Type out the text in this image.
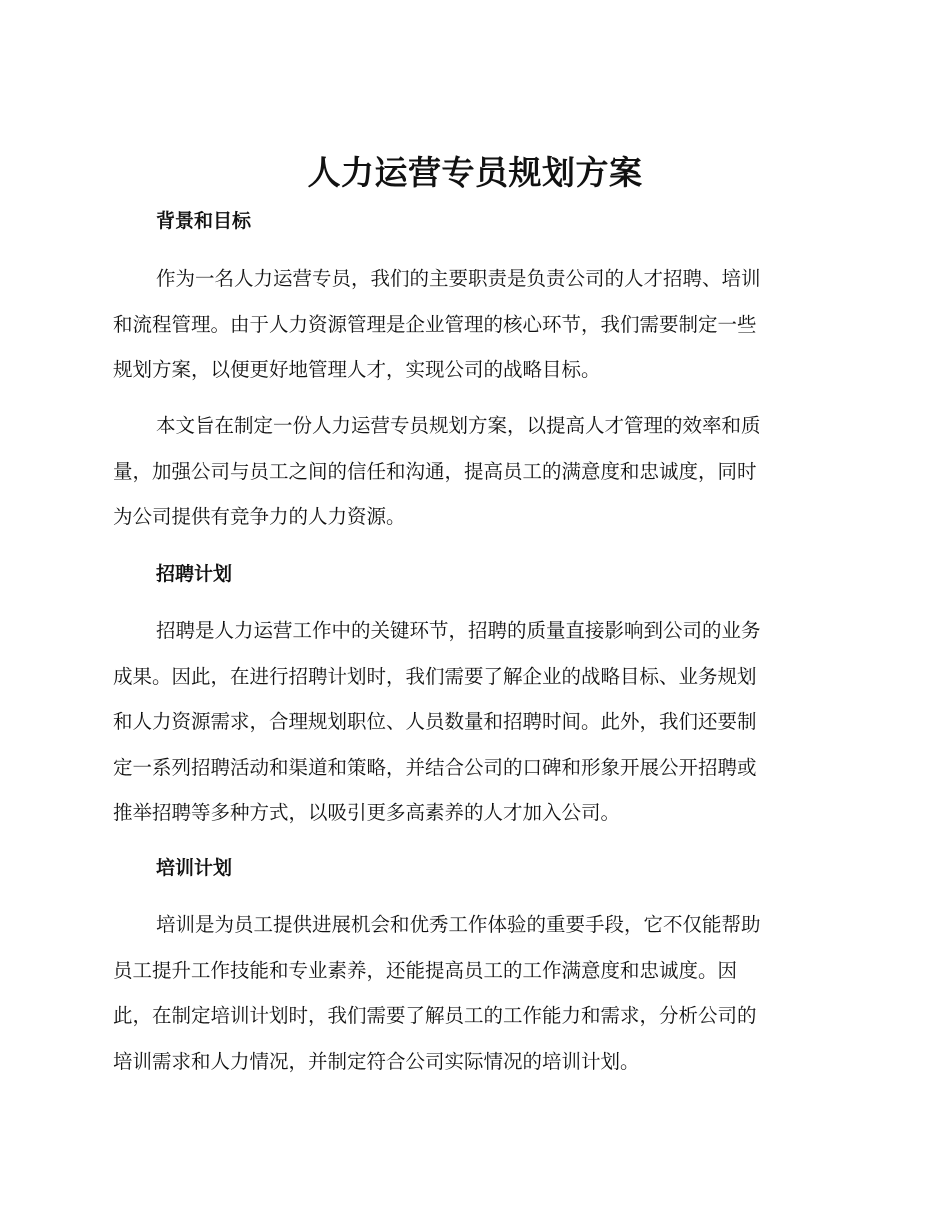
人力运营专员规划方案
背景和目标

作为一名人力运营专员，我们的主要职责是负责公司的人才招聘、培训
和流程管理。由于人力资源管理是企业管理的核心环节，我们需要制定一些
规划方案，以便更好地管理人才，实现公司的战略目标。

本文旨在制定一份人力运营专员规划方案，以提高人才管理的效率和质
量，加强公司与员工之间的信任和沟通，提高员工的满意度和忠诚度，同时
为公司提供有竞争力的人力资源。

招聘计划

招聘是人力运营工作中的关键环节，招聘的质量直接影响到公司的业务
成果。因此，在进行招聘计划时，我们需要了解企业的战略目标、业务规划
和人力资源需求，合理规划职位、人员数量和招聘时间。此外，我们还要制
定一系列招聘活动和渠道和策略，并结合公司的口碑和形象开展公开招聘或
推举招聘等多种方式，以吸引更多高素养的人才加入公司。

培训计划

培训是为员工提供进展机会和优秀工作体验的重要手段，它不仅能帮助
员工提升工作技能和专业素养，还能提高员工的工作满意度和忠诚度。因
此，在制定培训计划时，我们需要了解员工的工作能力和需求，分析公司的
培训需求和人力情况，并制定符合公司实际情况的培训计划。
